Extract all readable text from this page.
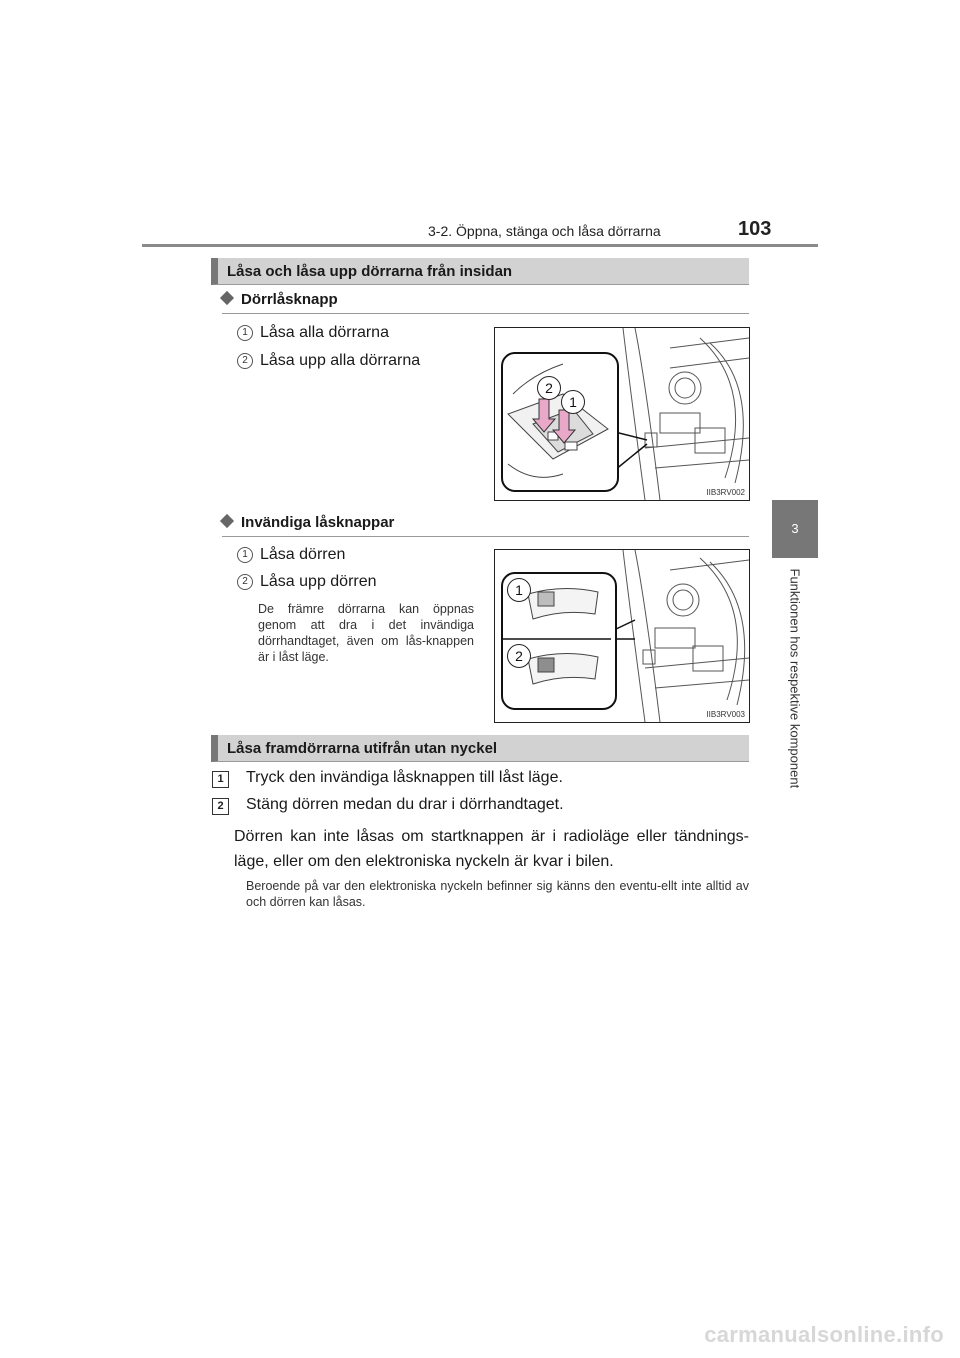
3-2. Öppna, stänga och låsa dörrarna	103
3
Funktionen hos respektive komponent
Låsa och låsa upp dörrarna från insidan
Dörrlåsknapp
1 Låsa alla dörrarna
2 Låsa upp alla dörrarna
2
1
IIB3RV002
Invändiga låsknappar
1 Låsa dörren
2 Låsa upp dörren
De främre dörrarna kan öppnas genom att dra i det invändiga dörrhandtaget, även om lås-knappen är i låst läge.
1
2
IIB3RV003
Låsa framdörrarna utifrån utan nyckel
1	Tryck den invändiga låsknappen till låst läge.
2	Stäng dörren medan du drar i dörrhandtaget.
Dörren kan inte låsas om startknappen är i radioläge eller tändnings-läge, eller om den elektroniska nyckeln är kvar i bilen.
Beroende på var den elektroniska nyckeln befinner sig känns den eventu-ellt inte alltid av och dörren kan låsas.
carmanualsonline.info
